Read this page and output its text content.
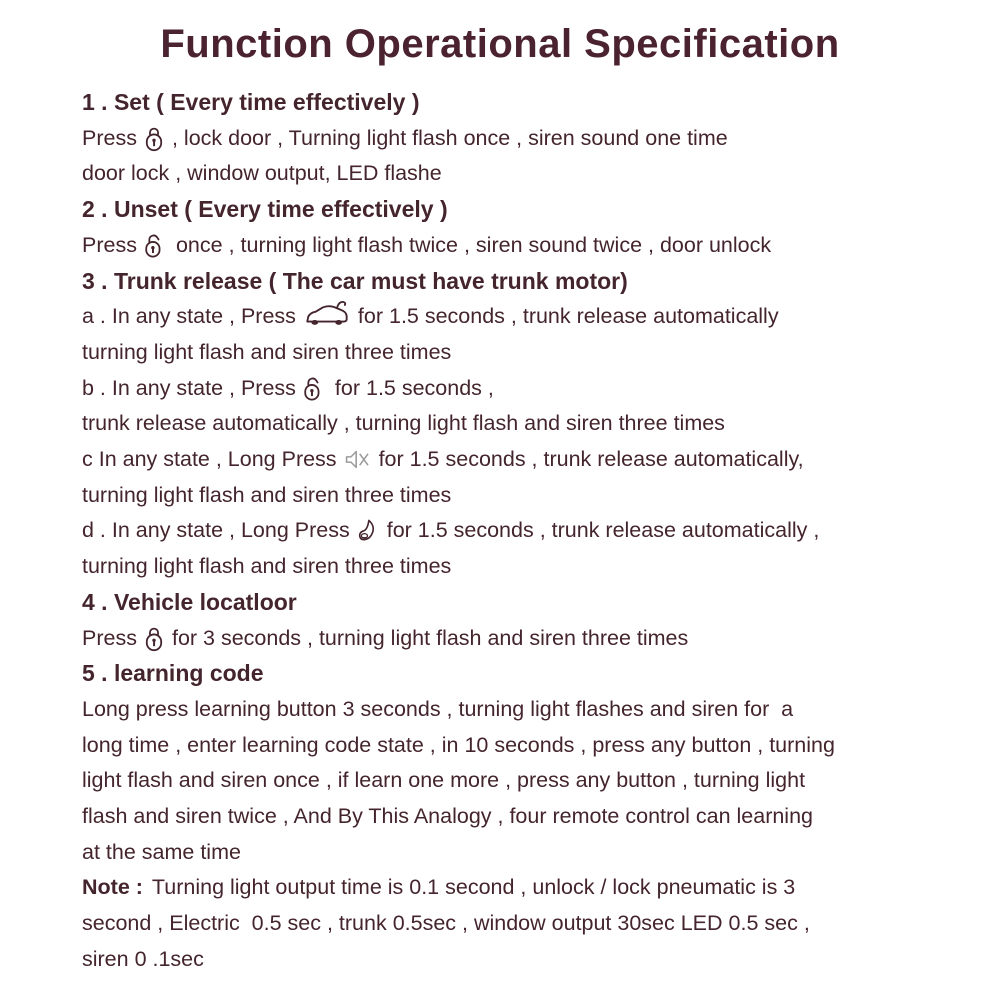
Function Operational Specification
1 . Set ( Every time effectively )
Press , lock door , Turning light flash once , siren sound one time
door lock , window output, LED flashe
2 . Unset ( Every time effectively )
Press once , turning light flash twice , siren sound twice , door unlock
3 . Trunk release ( The car must have trunk motor)
a . In any state , Press	for 1.5 seconds , trunk release automatically
turning light flash and siren three times
b . In any state , Press for 1.5 seconds ,
trunk release automatically , turning light flash and siren three times
c In any state , Long Press for 1.5 seconds , trunk release automatically,
turning light flash and siren three times
d . In any state , Long Press for 1.5 seconds , trunk release automatically ,
turning light flash and siren three times
4 . Vehicle locatloor
Press for 3 seconds , turning light flash and siren three times
5 . learning code
Long press learning button 3 seconds , turning light flashes and siren for  a
long time , enter learning code state , in 10 seconds , press any button , turning
light flash and siren once , if learn one more , press any button , turning light
flash and siren twice , And By This Analogy , four remote control can learning
at the same time
Note : Turning light output time is 0.1 second , unlock / lock pneumatic is 3
second , Electric  0.5 sec , trunk 0.5sec , window output 30sec LED 0.5 sec ,
siren 0 .1sec
